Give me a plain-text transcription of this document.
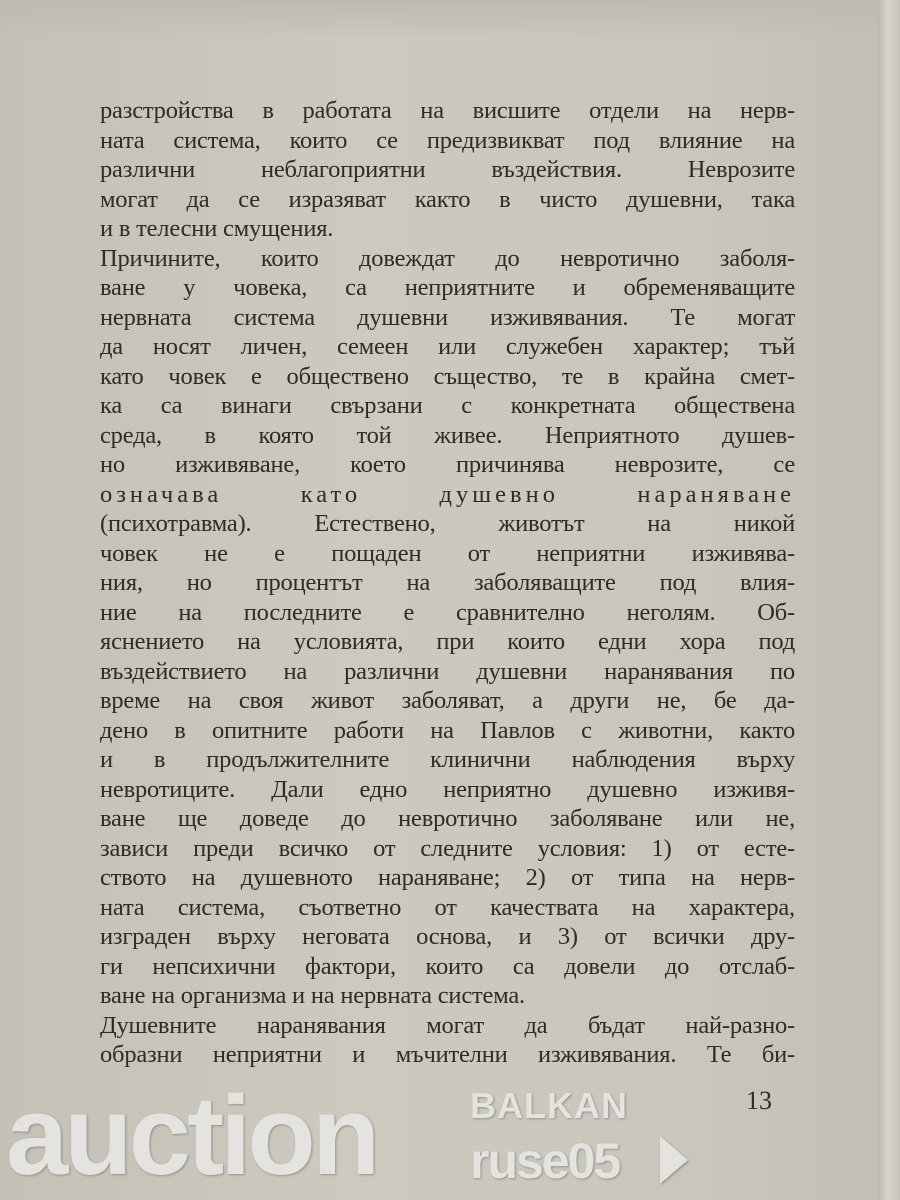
разстройства в работата на висшите отдели на нерв-
ната система, които се предизвикват под влияние на
различни неблагоприятни въздействия. Неврозите
могат да се изразяват както в чисто душевни, така
и в телесни смущения.
Причините, които довеждат до невротично заболя-
ване у човека, са неприятните и обременяващите
нервната система душевни изживявания. Те могат
да носят личен, семеен или служебен характер; тъй
като човек е обществено същество, те в крайна смет-
ка са винаги свързани с конкретната обществена
среда, в която той живее. Неприятното душев-
но изживяване, което причинява неврозите, се
означава като душевно нараняване
(психотравма). Естествено, животът на никой
човек не е пощаден от неприятни изживява-
ния, но процентът на заболяващите под влия-
ние на последните е сравнително неголям. Об-
яснението на условията, при които едни хора под
въздействието на различни душевни наранявания по
време на своя живот заболяват, а други не, бе да-
дено в опитните работи на Павлов с животни, както
и в продължителните клинични наблюдения върху
невротиците. Дали едно неприятно душевно изживя-
ване ще доведе до невротично заболяване или не,
зависи преди всичко от следните условия: 1) от есте-
ството на душевното нараняване; 2) от типа на нерв-
ната система, съответно от качествата на характера,
изграден върху неговата основа, и 3) от всички дру-
ги непсихични фактори, които са довели до отслаб-
ване на организма и на нервната система.
Душевните наранявания могат да бъдат най-разно-
образни неприятни и мъчителни изживявания. Те би-
13
auction	BALKAN
ruse05
